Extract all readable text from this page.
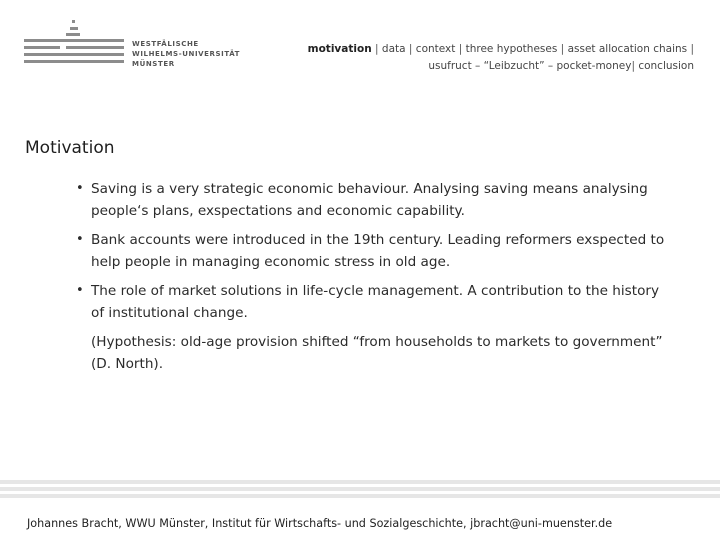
WESTFÄLISCHE
WILHELMS-UNIVERSITÄT
MÜNSTER
motivation | data | context | three hypotheses | asset allocation chains |
usufruct – “Leibzucht” – pocket-money| conclusion
Motivation
• Saving is a very strategic economic behaviour. Analysing saving means analysing people‘s plans, exspectations and economic capability.
• Bank accounts were introduced in the 19th century. Leading reformers exspected to help people in managing economic stress in old age.
• The role of market solutions in life-cycle management. A contribution to the history of institutional change.
(Hypothesis: old-age provision shifted “from households to markets to government” (D. North).
Johannes Bracht, WWU Münster, Institut für Wirtschafts- und Sozialgeschichte, jbracht@uni-muenster.de
